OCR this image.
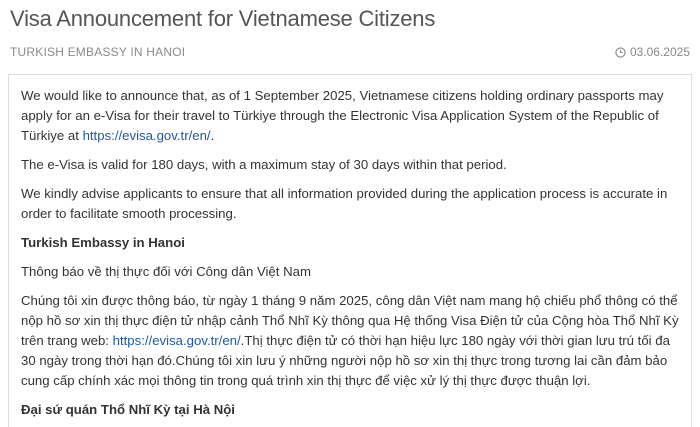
Visa Announcement for Vietnamese Citizens
TURKISH EMBASSY IN HANOI	03.06.2025

We would like to announce that, as of 1 September 2025, Vietnamese citizens holding ordinary passports may apply for an e-Visa for their travel to Türkiye through the Electronic Visa Application System of the Republic of Türkiye at https://evisa.gov.tr/en/.

The e-Visa is valid for 180 days, with a maximum stay of 30 days within that period.

We kindly advise applicants to ensure that all information provided during the application process is accurate in order to facilitate smooth processing.

Turkish Embassy in Hanoi

Thông báo về thị thực đối với Công dân Việt Nam

Chúng tôi xin được thông báo, từ ngày 1 tháng 9 năm 2025, công dân Việt nam mang hộ chiếu phổ thông có thể nộp hồ sơ xin thị thực điện tử nhập cảnh Thổ Nhĩ Kỳ thông qua Hệ thống Visa Điện tử của Cộng hòa Thổ Nhĩ Kỳ trên trang web: https://evisa.gov.tr/en/.Thị thực điện tử có thời hạn hiệu lực 180 ngày với thời gian lưu trú tối đa 30 ngày trong thời hạn đó.Chúng tôi xin lưu ý những người nộp hồ sơ xin thị thực trong tương lai cần đảm bảo cung cấp chính xác mọi thông tin trong quá trình xin thị thực để việc xử lý thị thực được thuận lợi.

Đại sứ quán Thổ Nhĩ Kỳ tại Hà Nội
